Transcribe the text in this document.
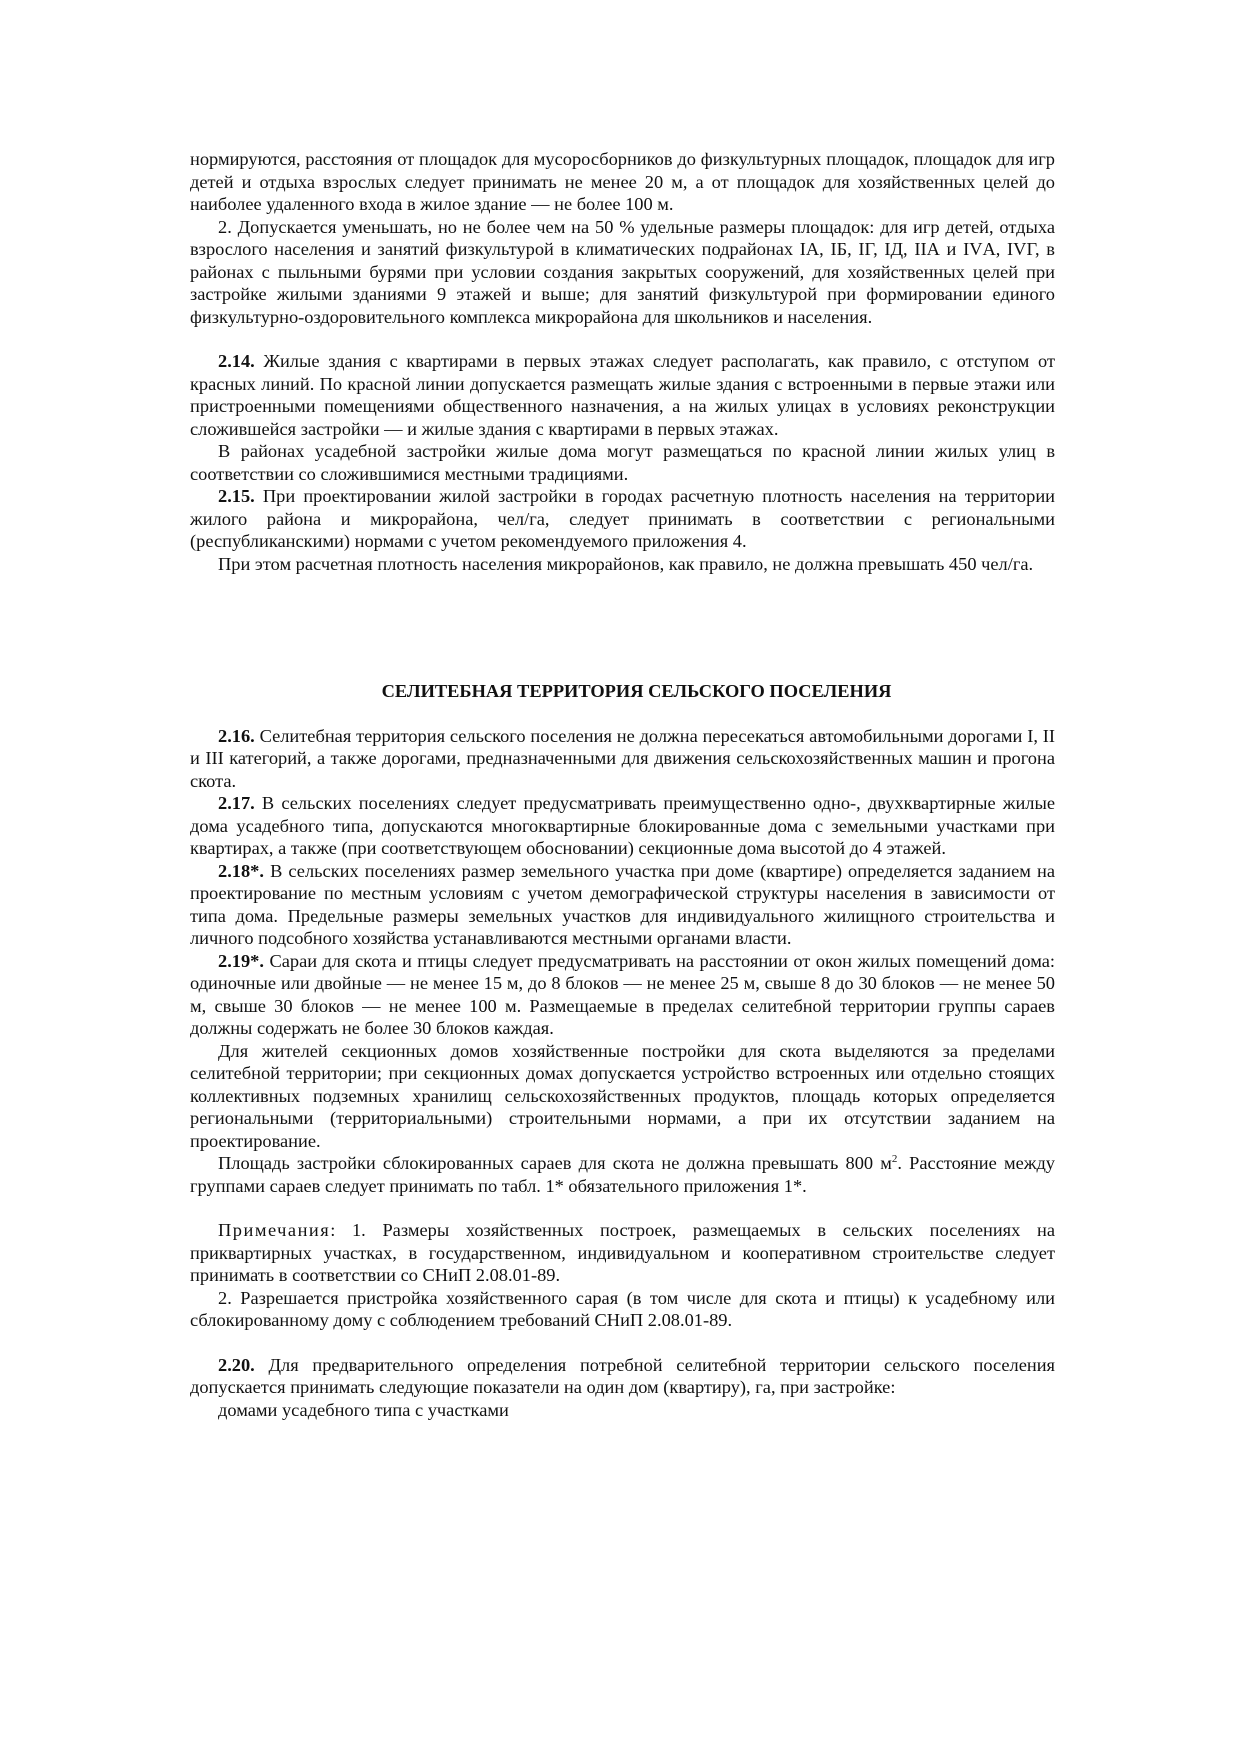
нормируются, расстояния от площадок для мусоросборников до физкультурных площадок, площадок для игр детей и отдыха взрослых следует принимать не менее 20 м, а от площадок для хозяйственных целей до наиболее удаленного входа в жилое здание — не более 100 м.

2. Допускается уменьшать, но не более чем на 50 % удельные размеры площадок: для игр детей, отдыха взрослого населения и занятий физкультурой в климатических подрайонах IА, IБ, IГ, IД, IIА и IVА, IVГ, в районах с пыльными бурями при условии создания закрытых сооружений, для хозяйственных целей при застройке жилыми зданиями 9 этажей и выше; для занятий физкультурой при формировании единого физкультурно-оздоровительного комплекса микрорайона для школьников и населения.

2.14. Жилые здания с квартирами в первых этажах следует располагать, как правило, с отступом от красных линий. По красной линии допускается размещать жилые здания с встроенными в первые этажи или пристроенными помещениями общественного назначения, а на жилых улицах в условиях реконструкции сложившейся застройки — и жилые здания с квартирами в первых этажах.

В районах усадебной застройки жилые дома могут размещаться по красной линии жилых улиц в соответствии со сложившимися местными традициями.

2.15. При проектировании жилой застройки в городах расчетную плотность населения на территории жилого района и микрорайона, чел/га, следует принимать в соответствии с региональными (республиканскими) нормами с учетом рекомендуемого приложения 4.

При этом расчетная плотность населения микрорайонов, как правило, не должна превышать 450 чел/га.

СЕЛИТЕБНАЯ ТЕРРИТОРИЯ СЕЛЬСКОГО ПОСЕЛЕНИЯ

2.16. Селитебная территория сельского поселения не должна пересекаться автомобильными дорогами I, II и III категорий, а также дорогами, предназначенными для движения сельскохозяйственных машин и прогона скота.

2.17. В сельских поселениях следует предусматривать преимущественно одно-, двухквартирные жилые дома усадебного типа, допускаются многоквартирные блокированные дома с земельными участками при квартирах, а также (при соответствующем обосновании) секционные дома высотой до 4 этажей.

2.18*. В сельских поселениях размер земельного участка при доме (квартире) определяется заданием на проектирование по местным условиям с учетом демографической структуры населения в зависимости от типа дома. Предельные размеры земельных участков для индивидуального жилищного строительства и личного подсобного хозяйства устанавливаются местными органами власти.

2.19*. Сараи для скота и птицы следует предусматривать на расстоянии от окон жилых помещений дома: одиночные или двойные — не менее 15 м, до 8 блоков — не менее 25 м, свыше 8 до 30 блоков — не менее 50 м, свыше 30 блоков — не менее 100 м. Размещаемые в пределах селитебной территории группы сараев должны содержать не более 30 блоков каждая.

Для жителей секционных домов хозяйственные постройки для скота выделяются за пределами селитебной территории; при секционных домах допускается устройство встроенных или отдельно стоящих коллективных подземных хранилищ сельскохозяйственных продуктов, площадь которых определяется региональными (территориальными) строительными нормами, а при их отсутствии заданием на проектирование.

Площадь застройки сблокированных сараев для скота не должна превышать 800 $м^2$. Расстояние между группами сараев следует принимать по табл. 1* обязательного приложения 1*.

Примечания: 1. Размеры хозяйственных построек, размещаемых в сельских поселениях на приквартирных участках, в государственном, индивидуальном и кооперативном строительстве следует принимать в соответствии со СНиП 2.08.01-89.

2. Разрешается пристройка хозяйственного сарая (в том числе для скота и птицы) к усадебному или сблокированному дому с соблюдением требований СНиП 2.08.01-89.

2.20. Для предварительного определения потребной селитебной территории сельского поселения допускается принимать следующие показатели на один дом (квартиру), га, при застройке:

домами усадебного типа с участками
